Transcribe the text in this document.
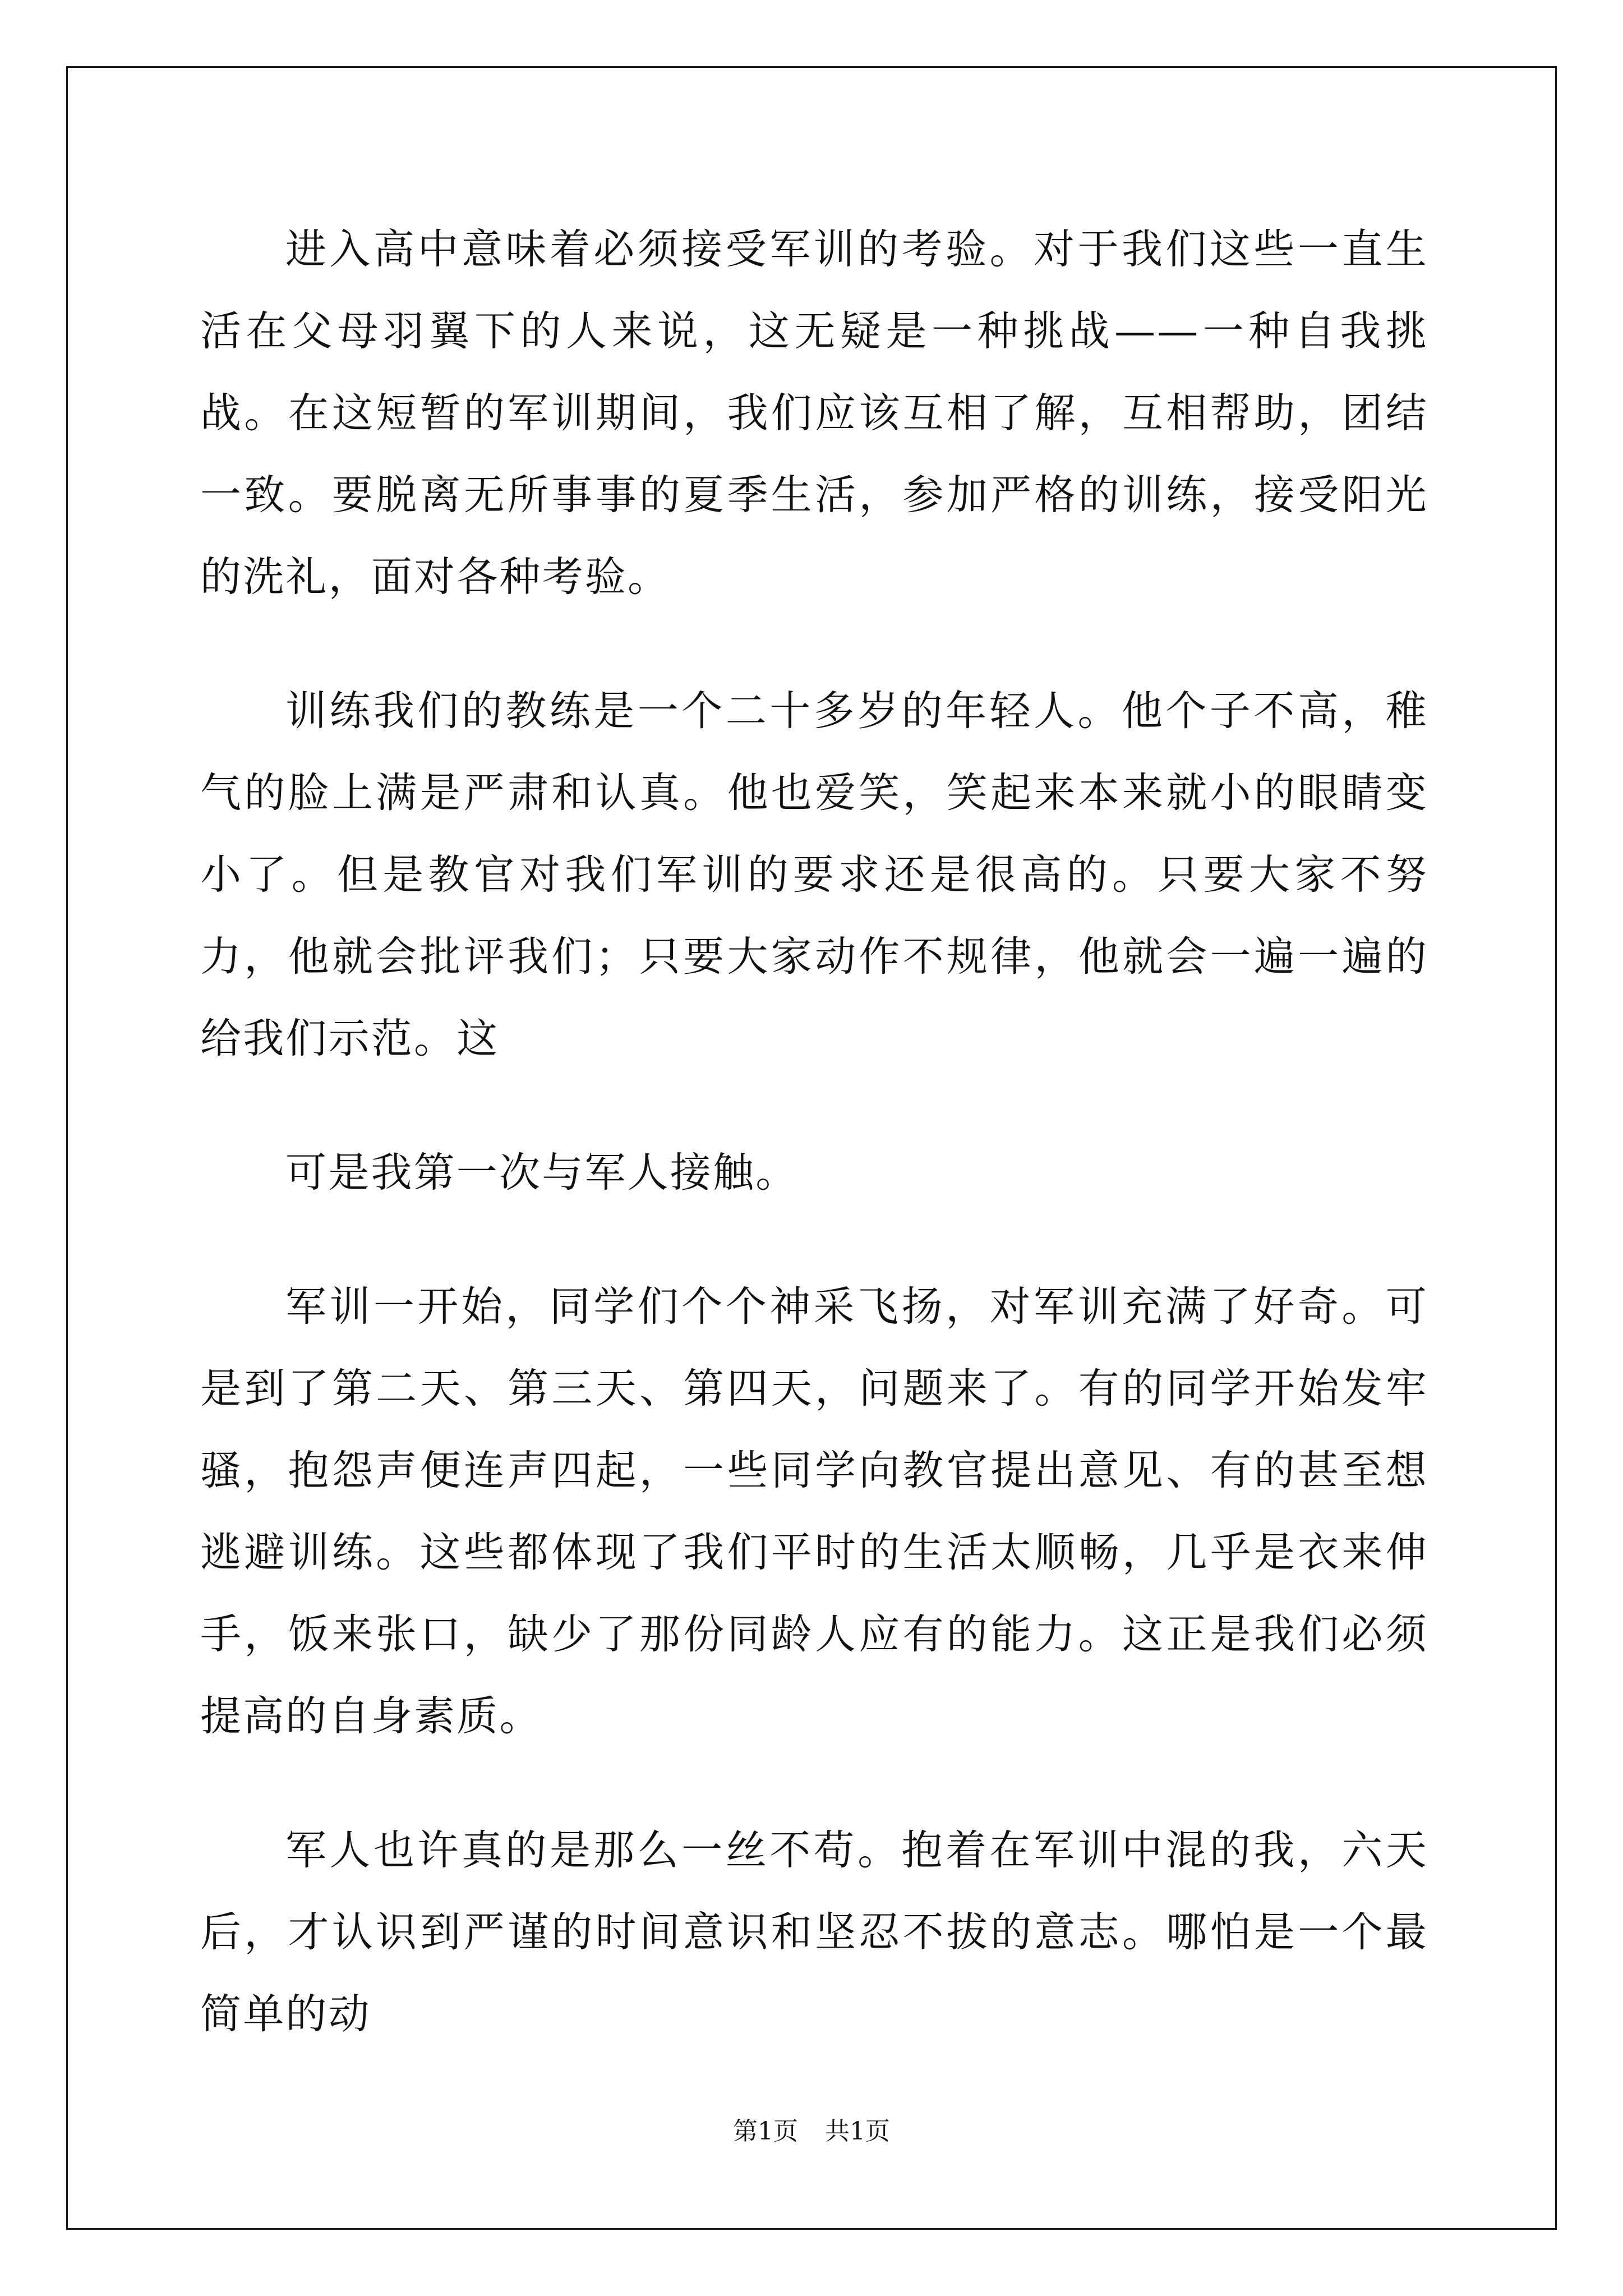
进入高中意味着必须接受军训的考验。对于我们这些一直生活在父母羽翼下的人来说，这无疑是一种挑战——一种自我挑战。在这短暂的军训期间，我们应该互相了解，互相帮助，团结一致。要脱离无所事事的夏季生活，参加严格的训练，接受阳光的洗礼，面对各种考验。

训练我们的教练是一个二十多岁的年轻人。他个子不高，稚气的脸上满是严肃和认真。他也爱笑，笑起来本来就小的眼睛变小了。但是教官对我们军训的要求还是很高的。只要大家不努力，他就会批评我们；只要大家动作不规律，他就会一遍一遍的给我们示范。这

可是我第一次与军人接触。

军训一开始，同学们个个神采飞扬，对军训充满了好奇。可是到了第二天、第三天、第四天，问题来了。有的同学开始发牢骚，抱怨声便连声四起，一些同学向教官提出意见、有的甚至想逃避训练。这些都体现了我们平时的生活太顺畅，几乎是衣来伸手，饭来张口，缺少了那份同龄人应有的能力。这正是我们必须提高的自身素质。

军人也许真的是那么一丝不苟。抱着在军训中混的我，六天后，才认识到严谨的时间意识和坚忍不拔的意志。哪怕是一个最简单的动

第1页 共1页
